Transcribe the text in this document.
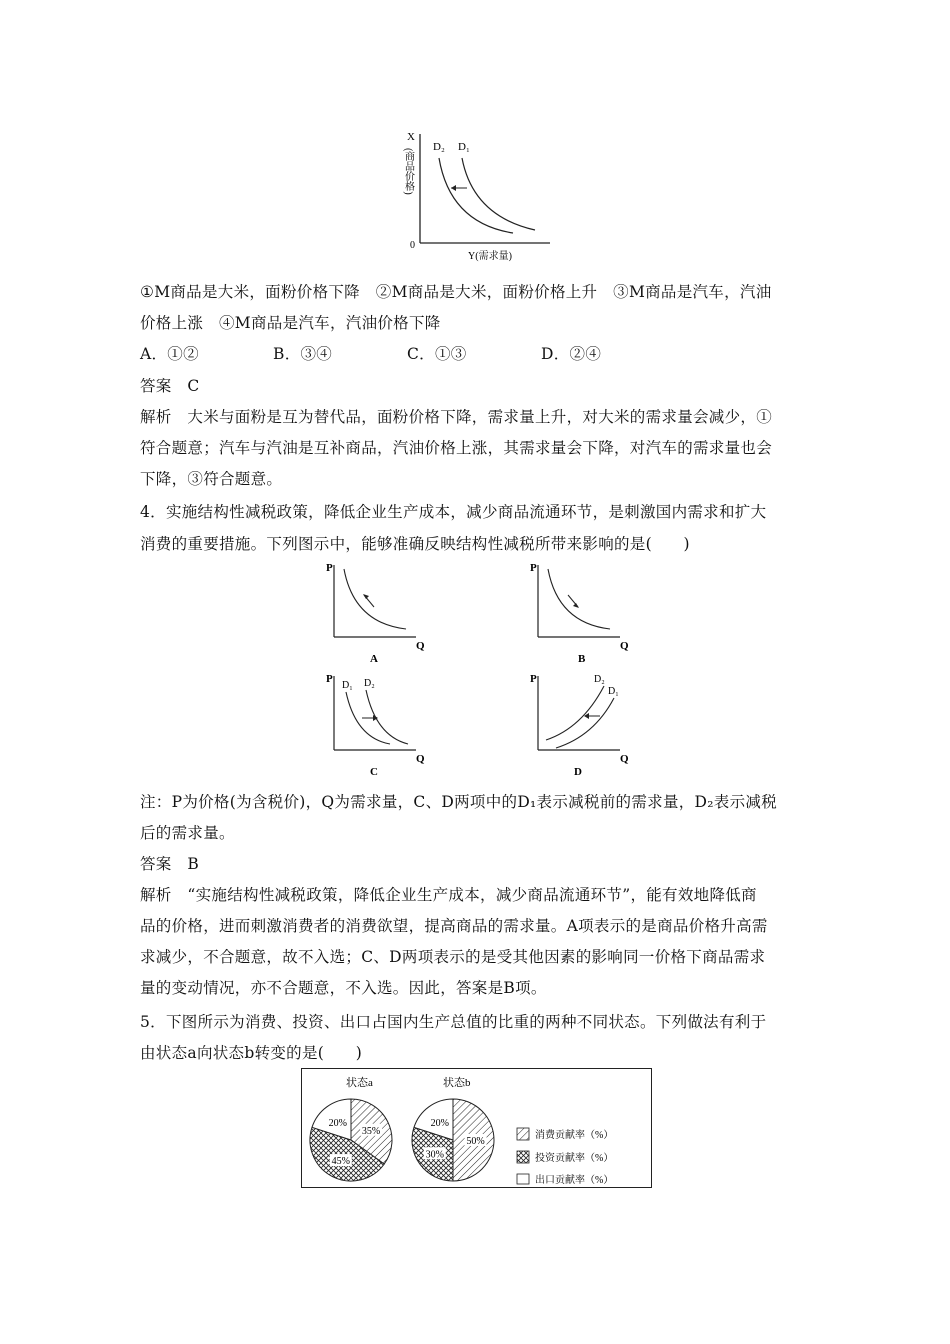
X
(商品价格)
0
Y(需求量)
D₂ D₁
①M商品是大米，面粉价格下降　②M商品是大米，面粉价格上升　③M商品是汽车，汽油
价格上涨　④M商品是汽车，汽油价格下降
A．①②	B．③④	C．①③	D．②④
答案　C
解析　大米与面粉是互为替代品，面粉价格下降，需求量上升，对大米的需求量会减少，①
符合题意；汽车与汽油是互补商品，汽油价格上涨，其需求量会下降，对汽车的需求量也会
下降，③符合题意。
4．实施结构性减税政策，降低企业生产成本，减少商品流通环节，是刺激国内需求和扩大
消费的重要措施。下列图示中，能够准确反映结构性减税所带来影响的是(　　)
P
Q
A
P
Q
B
P
Q
D₁ D₂
C
P
Q
D₂
D₁
D
注：P为价格(为含税价)，Q为需求量，C、D两项中的D₁表示减税前的需求量，D₂表示减税
后的需求量。
答案　B
解析　“实施结构性减税政策，降低企业生产成本，减少商品流通环节”，能有效地降低商
品的价格，进而刺激消费者的消费欲望，提高商品的需求量。A项表示的是商品价格升高需
求减少，不合题意，故不入选；C、D两项表示的是受其他因素的影响同一价格下商品需求
量的变动情况，亦不合题意，不入选。因此，答案是B项。
5．下图所示为消费、投资、出口占国内生产总值的比重的两种不同状态。下列做法有利于
由状态a向状态b转变的是(　　)
35%
45%
20%
50%
30%
20%
状态a	状态b
消费贡献率（%）
投资贡献率（%）
出口贡献率（%）
